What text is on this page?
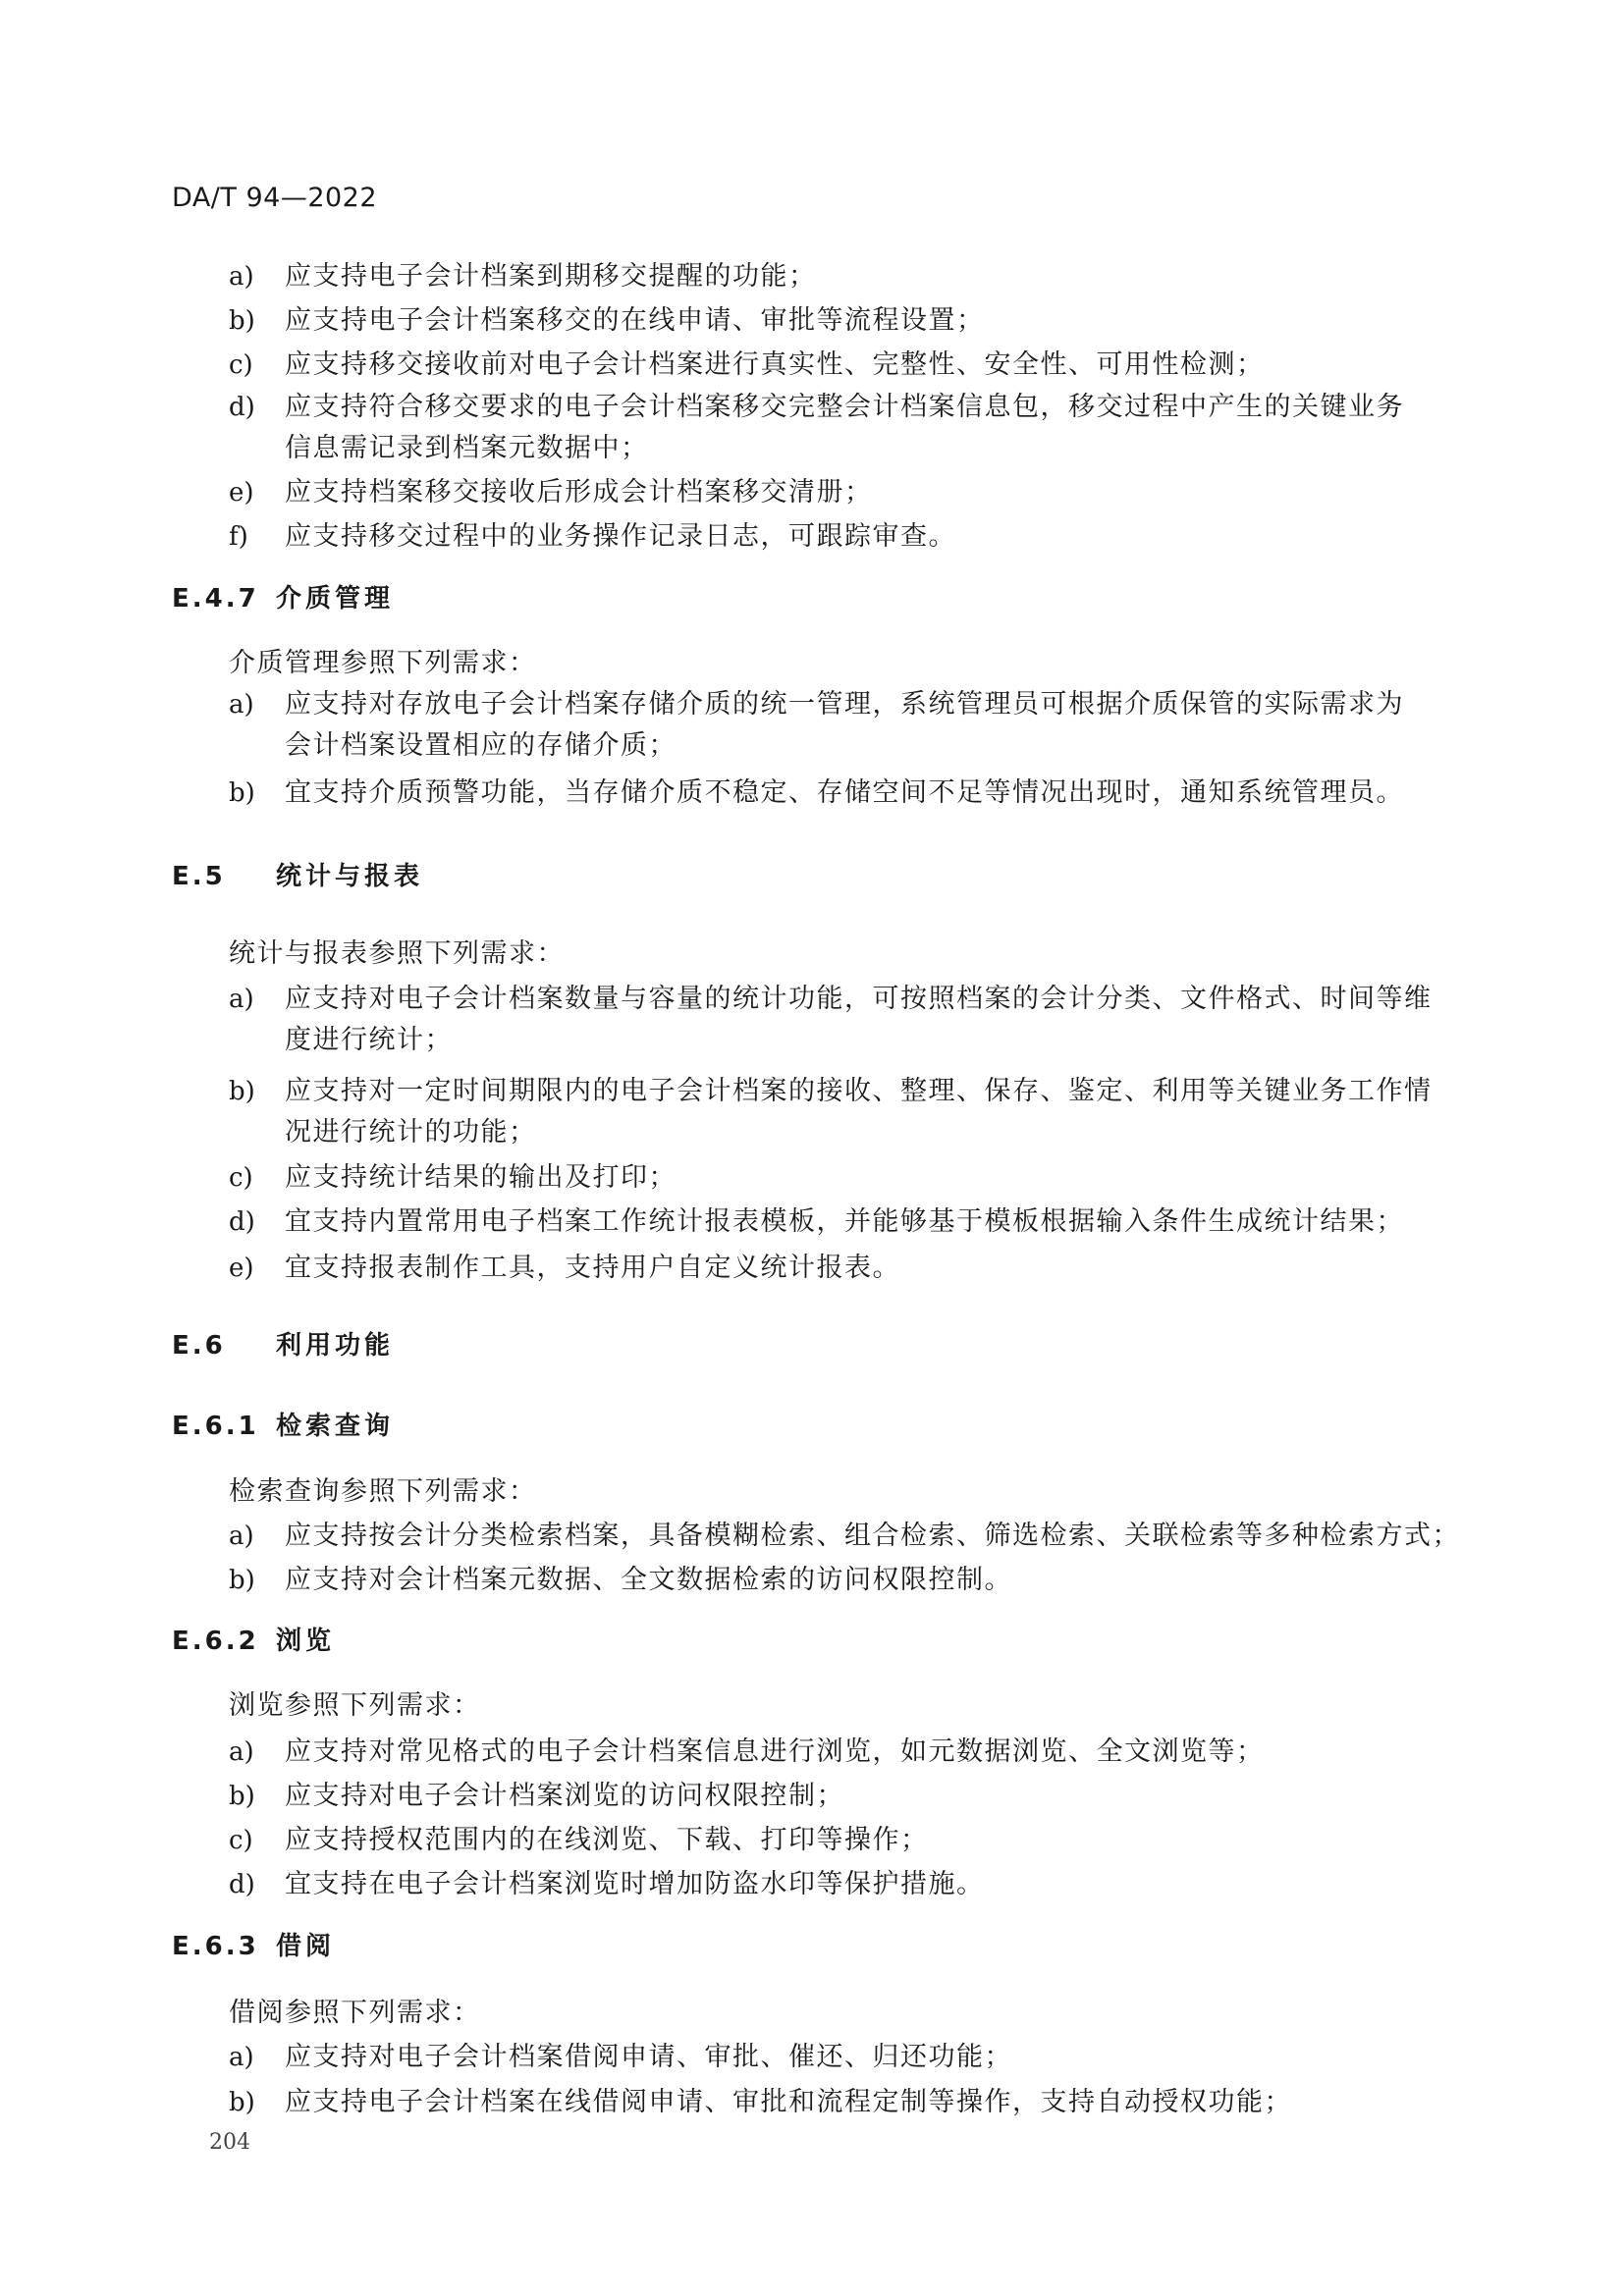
DA/T 94—2022
a) 应支持电子会计档案到期移交提醒的功能；
b) 应支持电子会计档案移交的在线申请、审批等流程设置；
c) 应支持移交接收前对电子会计档案进行真实性、完整性、安全性、可用性检测；
d) 应支持符合移交要求的电子会计档案移交完整会计档案信息包，移交过程中产生的关键业务
信息需记录到档案元数据中；
e) 应支持档案移交接收后形成会计档案移交清册；
f) 应支持移交过程中的业务操作记录日志，可跟踪审查。
E.4.7 介质管理
介质管理参照下列需求：
a) 应支持对存放电子会计档案存储介质的统一管理，系统管理员可根据介质保管的实际需求为
会计档案设置相应的存储介质；
b) 宜支持介质预警功能，当存储介质不稳定、存储空间不足等情况出现时，通知系统管理员。
E.5 统计与报表
统计与报表参照下列需求：
a) 应支持对电子会计档案数量与容量的统计功能，可按照档案的会计分类、文件格式、时间等维
度进行统计；
b) 应支持对一定时间期限内的电子会计档案的接收、整理、保存、鉴定、利用等关键业务工作情
况进行统计的功能；
c) 应支持统计结果的输出及打印；
d) 宜支持内置常用电子档案工作统计报表模板，并能够基于模板根据输入条件生成统计结果；
e) 宜支持报表制作工具，支持用户自定义统计报表。
E.6 利用功能
E.6.1 检索查询
检索查询参照下列需求：
a) 应支持按会计分类检索档案，具备模糊检索、组合检索、筛选检索、关联检索等多种检索方式；
b) 应支持对会计档案元数据、全文数据检索的访问权限控制。
E.6.2 浏览
浏览参照下列需求：
a) 应支持对常见格式的电子会计档案信息进行浏览，如元数据浏览、全文浏览等；
b) 应支持对电子会计档案浏览的访问权限控制；
c) 应支持授权范围内的在线浏览、下载、打印等操作；
d) 宜支持在电子会计档案浏览时增加防盗水印等保护措施。
E.6.3 借阅
借阅参照下列需求：
a) 应支持对电子会计档案借阅申请、审批、催还、归还功能；
b) 应支持电子会计档案在线借阅申请、审批和流程定制等操作，支持自动授权功能；
204
